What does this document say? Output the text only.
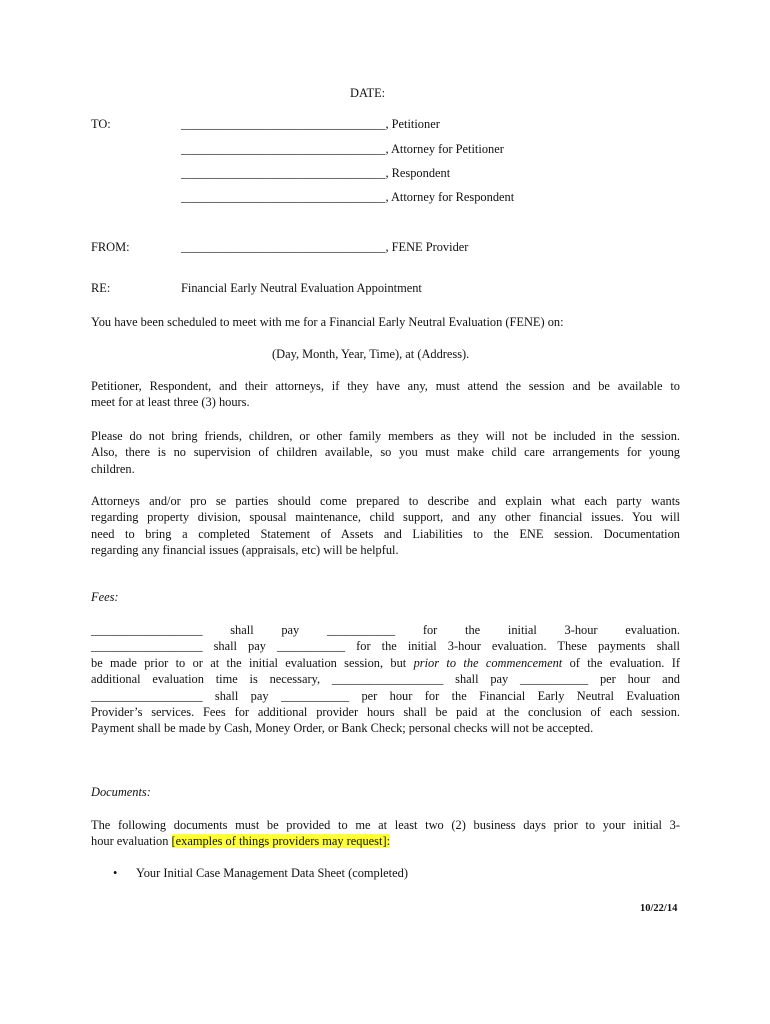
DATE:
TO:	_________________________________, Petitioner
_________________________________, Attorney for Petitioner
_________________________________, Respondent
_________________________________, Attorney for Respondent
FROM:	_________________________________, FENE Provider
RE:	Financial Early Neutral Evaluation Appointment
You have been scheduled to meet with me for a Financial Early Neutral Evaluation (FENE) on:
(Day, Month, Year, Time), at (Address).
Petitioner, Respondent, and their attorneys, if they have any, must attend the session and be available to
meet for at least three (3) hours.
Please do not bring friends, children, or other family members as they will not be included in the session.
Also, there is no supervision of children available, so you must make child care arrangements for young
children.
Attorneys and/or pro se parties should come prepared to describe and explain what each party wants
regarding property division, spousal maintenance, child support, and any other financial issues. You will
need to bring a completed Statement of Assets and Liabilities to the ENE session. Documentation
regarding any financial issues (appraisals, etc) will be helpful.
Fees:
__________________ shall pay ___________ for the initial 3-hour evaluation.
__________________ shall pay ___________ for the initial 3-hour evaluation. These payments shall
be made prior to or at the initial evaluation session, but prior to the commencement of the evaluation. If
additional evaluation time is necessary, __________________ shall pay ___________ per hour and
__________________ shall pay ___________ per hour for the Financial Early Neutral Evaluation
Provider’s services. Fees for additional provider hours shall be paid at the conclusion of each session.
Payment shall be made by Cash, Money Order, or Bank Check; personal checks will not be accepted.
Documents:
The following documents must be provided to me at least two (2) business days prior to your initial 3-
hour evaluation [examples of things providers may request]:
• Your Initial Case Management Data Sheet (completed)
10/22/14
